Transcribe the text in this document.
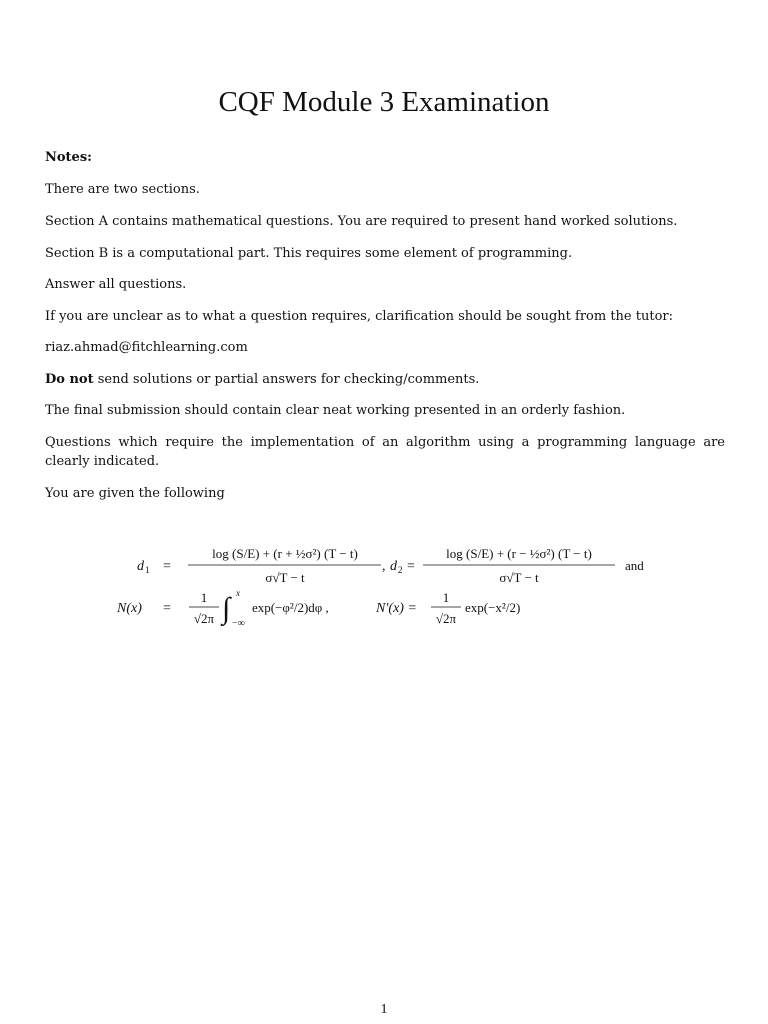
CQF Module 3 Examination

Notes:

There are two sections.

Section A contains mathematical questions. You are required to present hand worked solutions.

Section B is a computational part. This requires some element of programming.

Answer all questions.

If you are unclear as to what a question requires, clarification should be sought from the tutor:

riaz.ahmad@fitchlearning.com

Do not send solutions or partial answers for checking/comments.

The final submission should contain clear neat working presented in an orderly fashion.

Questions which require the implementation of an algorithm using a programming language are clearly indicated.

You are given the following

d 1 =
log (S/E) + (r + ½σ²) (T − t)
σ√T − t
, d 2 =
log (S/E) + (r − ½σ²) (T − t)
σ√T − t
and
N(x) =
1
√2π ∫ x
−∞
exp(−φ²/2)dφ ,	N′(x) =
1
√2π
exp(−x²/2)
1
